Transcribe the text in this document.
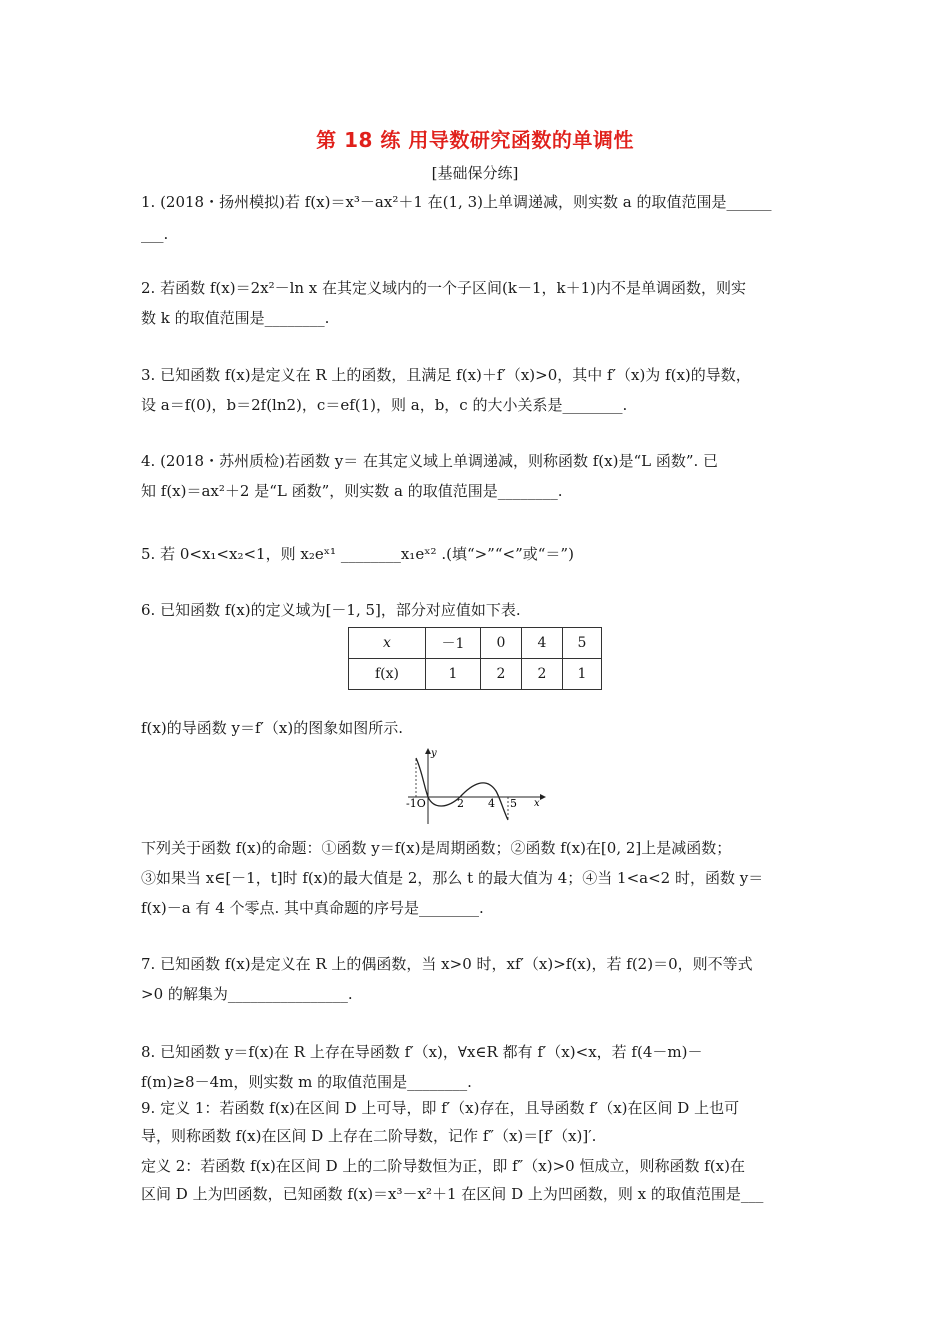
第 18 练 用导数研究函数的单调性
[基础保分练]
1. (2018・扬州模拟)若 f(x)＝x³－ax²＋1 在(1, 3)上单调递减，则实数 a 的取值范围是______
___.
2. 若函数 f(x)＝2x²－ln x 在其定义域内的一个子区间(k－1，k＋1)内不是单调函数，则实
数 k 的取值范围是________.
3. 已知函数 f(x)是定义在 R 上的函数，且满足 f(x)＋f′（x)>0，其中 f′（x)为 f(x)的导数，
设 a＝f(0)，b＝2f(ln2)，c＝ef(1)，则 a，b，c 的大小关系是________.
4. (2018・苏州质检)若函数 y＝ 在其定义域上单调递减，则称函数 f(x)是“L 函数”. 已
知 f(x)＝ax²＋2 是“L 函数”，则实数 a 的取值范围是________.
5. 若 0<x₁<x₂<1，则 x₂eˣ¹ ________x₁eˣ² .(填“>”“<”或“＝”)
6. 已知函数 f(x)的定义域为[－1, 5]，部分对应值如下表.
x	－1	0	4	5
f(x)	1	2	2	1
f(x)的导函数 y＝f′（x)的图象如图所示.
y
x
-1O	2 4 5
下列关于函数 f(x)的命题：①函数 y＝f(x)是周期函数；②函数 f(x)在[0, 2]上是减函数；
③如果当 x∈[－1，t]时 f(x)的最大值是 2，那么 t 的最大值为 4；④当 1<a<2 时，函数 y＝
f(x)－a 有 4 个零点. 其中真命题的序号是________.
7. 已知函数 f(x)是定义在 R 上的偶函数，当 x>0 时，xf′（x)>f(x)，若 f(2)＝0，则不等式
>0 的解集为________________.
8. 已知函数 y＝f(x)在 R 上存在导函数 f′（x)，∀x∈R 都有 f′（x)<x，若 f(4－m)－
f(m)≥8－4m，则实数 m 的取值范围是________.
9. 定义 1：若函数 f(x)在区间 D 上可导，即 f′（x)存在，且导函数 f′（x)在区间 D 上也可
导，则称函数 f(x)在区间 D 上存在二阶导数，记作 f″（x)＝[f′（x)]′.
定义 2：若函数 f(x)在区间 D 上的二阶导数恒为正，即 f″（x)>0 恒成立，则称函数 f(x)在
区间 D 上为凹函数，已知函数 f(x)＝x³－x²＋1 在区间 D 上为凹函数，则 x 的取值范围是___
